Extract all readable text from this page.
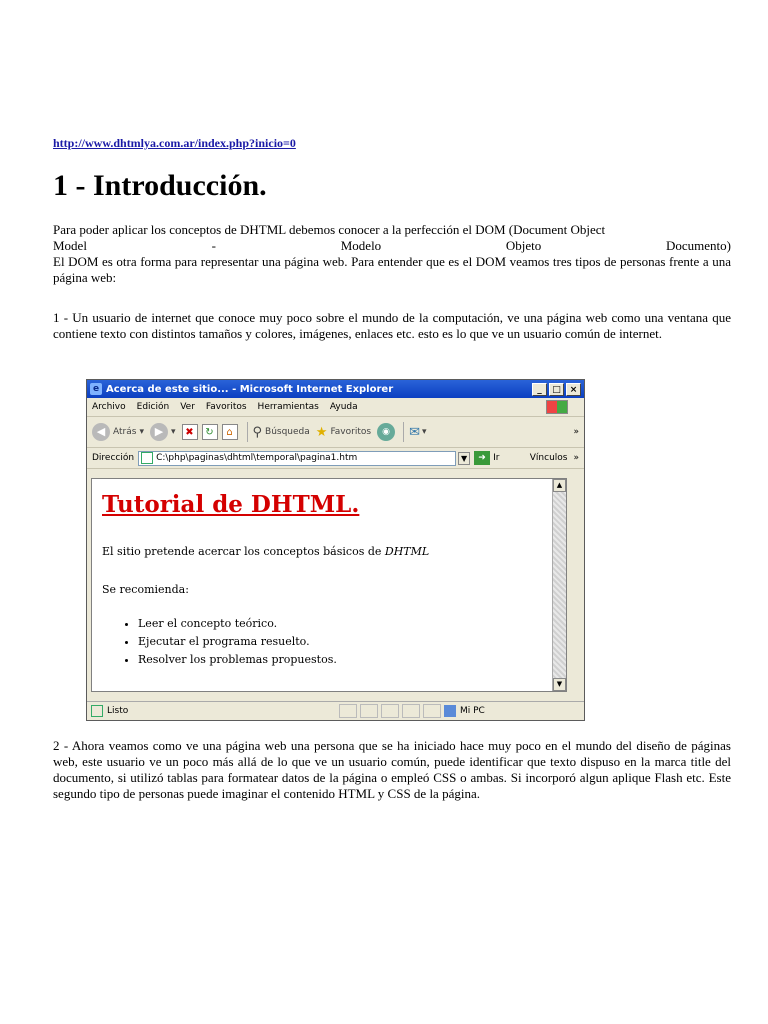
http://www.dhtmlya.com.ar/index.php?inicio=0
1 - Introducción.
Para poder aplicar los conceptos de DHTML debemos conocer a la perfección el DOM (Document Object
Model	-	Modelo	Objeto	Documento)
El DOM es otra forma para representar una página web. Para entender que es el DOM veamos tres tipos de personas frente a una página web:

1 - Un usuario de internet que conoce muy poco sobre el mundo de la computación, ve una página web como una ventana que contiene texto con distintos tamaños y colores, imágenes, enlaces etc. esto es lo que ve un usuario común de internet.

e Acerca de este sitio... - Microsoft Internet Explorer	_	□ ×
Archivo Edición Ver Favoritos Herramientas Ayuda
◀ Atrás ▾ ▶ ▾ ✖	↻	⌂	⚲ Búsqueda ★ Favoritos	◉	✉ ▾	»
Dirección C:\php\paginas\dhtml\temporal\pagina1.htm	▼	➜ Ir	Vínculos »
Tutorial de DHTML.

El sitio pretende acercar los conceptos básicos de DHTML

Se recomienda:

• Leer el concepto teórico.
• Ejecutar el programa resuelto.
• Resolver los problemas propuestos.
▲
▼
Listo	Mi PC

2 - Ahora veamos como ve una página web una persona que se ha iniciado hace muy poco en el mundo del diseño de páginas web, este usuario ve un poco más allá de lo que ve un usuario común, puede identificar que texto dispuso en la marca title del documento, si utilizó tablas para formatear datos de la página o empleó CSS o ambas. Si incorporó algun aplique Flash etc. Este segundo tipo de personas puede imaginar el contenido HTML y CSS de la página.
